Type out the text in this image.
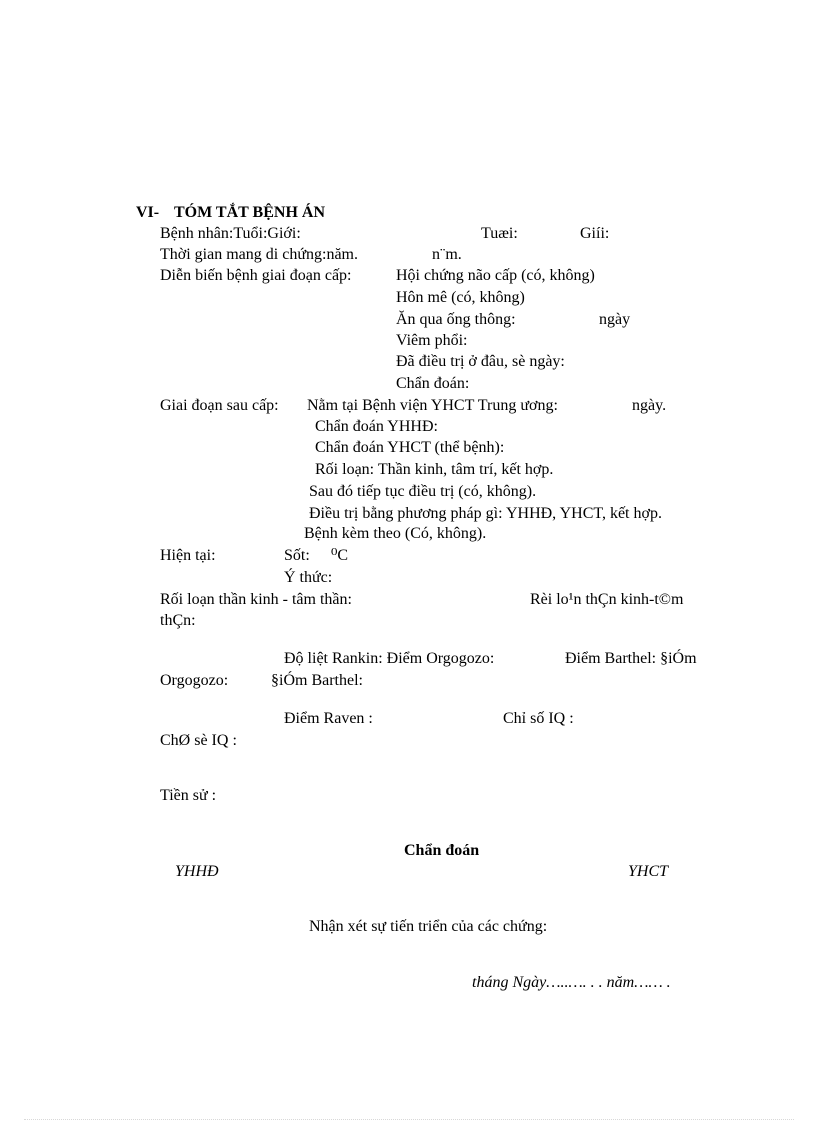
VI- TÓM TẮT BỆNH ÁN
Bệnh nhân:Tuổi:Giới:	Tuæi:	Giíi:
Thời gian mang di chứng:năm.	n¨m.
Diễn biến bệnh giai đoạn cấp:	Hội chứng não cấp (có, không)
Hôn mê (có, không)
Ăn qua ống thông:	ngày
Viêm phổi:
Đã điều trị ở đâu, sè ngày:
Chẩn đoán:
Giai đoạn sau cấp: Nằm tại Bệnh viện YHCT Trung ương:	ngày.
Chẩn đoán YHHĐ:
Chẩn đoán YHCT (thể bệnh):
Rối loạn: Thần kinh, tâm trí, kết hợp.
Sau đó tiếp tục điều trị (có, không).
Điều trị bằng phương pháp gì: YHHĐ, YHCT, kết hợp.
Bệnh kèm theo (Có, không).
Hiện tại:	Sốt: ⁰C
Ý thức:
Rối loạn thần kinh - tâm thần:	Rèi lo¹n thÇn kinh-t©m
thÇn:
Độ liệt Rankin: Điểm Orgogozo:	Điểm Barthel: §iÓm
Orgogozo:	§iÓm Barthel:
Điểm Raven :	Chỉ số IQ :
ChØ sè IQ :
Tiền sử :
Chẩn đoán
YHHĐ	YHCT
Nhận xét sự tiến triển của các chứng:
tháng Ngày…..…. . . năm…… .
